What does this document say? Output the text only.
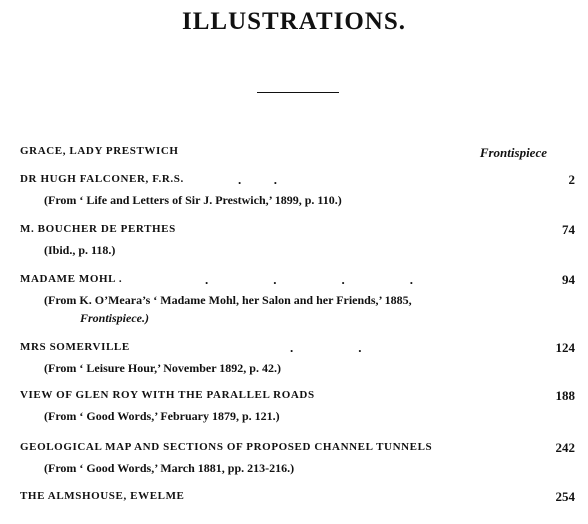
ILLUSTRATIONS.
GRACE, LADY PRESTWICH	Frontispiece
DR HUGH FALCONER, F.R.S.	.          .	2
(From ‘ Life and Letters of Sir J. Prestwich,’ 1899, p. 110.)
M. BOUCHER DE PERTHES	74
(Ibid., p. 118.)
MADAME MOHL .	.                    .                    .                    .	94
(From K. O’Meara’s ‘ Madame Mohl, her Salon and her Friends,’ 1885,
Frontispiece.)
MRS SOMERVILLE	.                    .	124
(From ‘ Leisure Hour,’ November 1892, p. 42.)
VIEW OF GLEN ROY WITH THE PARALLEL ROADS	188
(From ‘ Good Words,’ February 1879, p. 121.)
GEOLOGICAL MAP AND SECTIONS OF PROPOSED CHANNEL TUNNELS	242
(From ‘ Good Words,’ March 1881, pp. 213-216.)
THE ALMSHOUSE, EWELME	254
